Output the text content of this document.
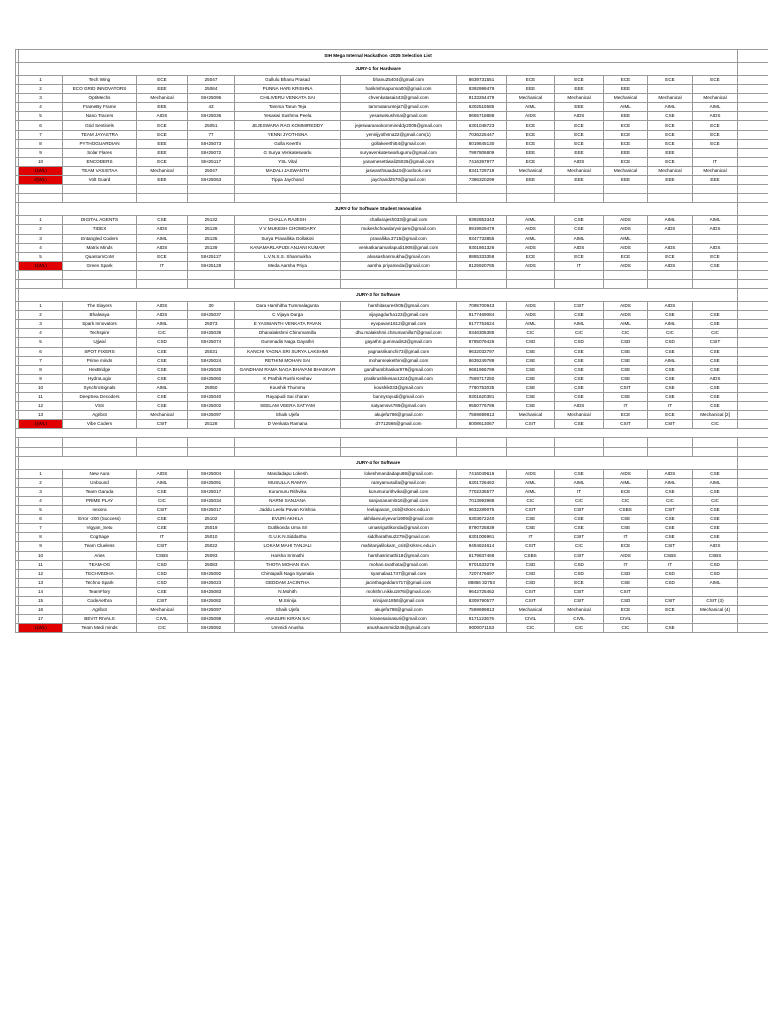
	SIH Mega Internal Hackathon -2025 Selection List												
	JURY-1 for Hardware												
	1	Tech Wing	ECE	25047	Gullulu Bhanu Prasad	bhanu25404@gmail.com	8639731551	ECE	ECE	ECE	ECE	ECE	
	2	ECO GRID INNOVATORS	EEE	25064	PUNNA HARI KRISHNA	harikrishnapunna00@gmail.com	9392999479	EEE	EEE	EEE			
	3	OptiMechs	Mechanical	SIH25096	CHILIVERU VENKATA SAI	chvenkatasai443@gmail.com	9133264479	Mechanical	Mechanical	Mechanical	Mechanical	Mechanical	
	4	FrameBy Frame	EEE	43	Tamma Tarun Teja	tammatarunteja7@gmail.com	6302515585	AIML	EEE	AIML	AIML	AIML	
	5	Nano Tracers	AIDS	SIH25036	Yesaswi Sushma Peela	yesaswisushma@gmail.com	9665718888	AIDS	AIDS	EEE	CSE	AIDS	
	6	Grid Sentinels	ECE	25051	JEJESWARA RAO KOMMIREDDY	jejeswararaokommireddy2005@gmail.com	6301048723	ECE	ECE	ECE	ECE	ECE	
	7	TEAM JAYASTRA	ECE	77	YENNI JYOTHSNA	yennijyothsna22@gmail.com(1)	7036225447	ECE	ECE	ECE	ECE	ECE	
	8	PYTHOGUARDIAN	EEE	SIH25073	Golla Keerthi	gollakeerthi54@gmail.com	8019845130	ECE	ECE	ECE	ECE	ECE	
	9	Solar Flares	EEE	SIH25072	G Surya Venkateswarlu	suryavenkateswarlugurru@gmail.com	7997806809	EEE	EEE	EEE	EEE		
	10	ENCODERS	ECE	SIH25117	YSL Vital	yanamesettiwali25026@gmail.com	7416397977	ECE	AIDS	ECE	ECE	IT	
	1(WL)	TEAM VASISTAA	Mechanical	25047	MADALI JASWANTH	jaswanthsaada15@outlook.com	8341729719	Mechanical	Mechanical	Mechanical	Mechanical	Mechanical	
	2(WL)	Volt Guard	EEE	SIH25063	Tippa Jaychand	jaychand2570@gmail.com	7386320299	EEE	EEE	EEE	EEE	EEE	

	JURY-2 for Software Student Innovation												
	1	DIGITAL AGENTS	CSE	25132	CHALLA RAJESH	challarajesh033@gmail.com	9392853343	AIML	CSE	AIDS	AIML	AIML	
	2	TIDEX	AIDS	25139	V V MUKESH CHOWDARY	mukeshchowdaryvinjam@gmail.com	8919929479	AIDS	CSE	AIDS	AIDS	AIDS	
	3	Entangled Coders	AIML	25135	Surya Pravallika Gollakoti	pravallika.3715@gmail.com	9347733855	AIML	AIML	AIML			
	4	Matrix Minds	AIDS	25139	KANAMARLAPUDI ANJANI KUMAR	venkatkanamarlapudi1906@gmail.com	9301861326	AIDS	AIDS	AIDS	AIDS	AIDS	
	5	QuantumCoM	ECE	SIH25127	L.V.N.S.S. Shanmukha	alvasashanmukha@gmail.com	8885333358	ECE	ECE	ECE	ECE	ECE	
	1(WL)	Green Spark	IT	SIH25128	Meda Aarsha Priya	aarsha priyameda@gmail.com	8125920785	AIDS	IT	AIDS	AIDS	CSE	

	JURY-3 for Software												
	1	The Slayers	AIDS	30	Dara Harshitha Tummalagunta	harshitasuresh05@gmail.com	7095700943	AIDS	CSIT	AIDS	AIDS		
	2	Bhalwaya	AIDS	SIH25037	C Vijaya Durga	vijayagdurha123@gmail.com	9177469084	AIDS	CSE	AIDS	CSE	CSE	
	3	Spark Innovators	AIML	25073	E YASWANTH VENKATA PAVAN	eyvpavan1812@gmail.com	9177753624	AIML	AIML	AIML	AIML	CSE	
	4	Techspire	CIC	SIH25039	Dhanalakshmi Chirumamilla	dhu.malakshmi.chirumamilla7@gmail.com	9346305385	CIC	CIC	CIC	CIC	CIC	
	5	Ujjwal	CSD	SIH25074	Gummadis Naga Gayathri	gayathri.gummadis3@gmail.com	8785079426	CSD	CSD	CSD	CSD	CSIT	
	6	SPOT FIXERS	CSE	25031	KANCHI YAGNA SRI SURYA LAKSHMI	yagnasrikanchi73@gmail.com	9632032797	CSE	CSE	CSE	CSE	CSE	
	7	Prime minds	CSE	SIH25024	RETHINI MOHAN SAI	mohanreakethini@gmail.com	8639249789	CSE	CSE	CSE	AIML	CSE	
	8	HexBridge	CSE	SIH25026	GANDHAM RAMA NAGA BHAVANI BHASKAR	gandhambhaskar979@gmail.com	9661966799	CSE	CSE	CSE	CSE	CSE	
	9	HydroLogix	CSE	SIH25060	K Prathik Rushi Keshav	pratikrushikesav1224@gmail.com	7569717250	CSE	CSE	CSE	CSE	AIDS	
	10	SynchroSignals	AIML	25050	Koushik Thummu	koushik033@gmail.com	7780753035	CSE	CSE	CSIT	CSE	CSE	
	11	DeepSea Decoders	CSE	SIH25040	Rayapudi Sai charan	bunnyrayudi@gmail.com	9301620381	CSE	CSE	CSE	CSE	CSE	
	12	VSS	CSE	SIH25002	SEELAM VEERA SATYAM	satyamsvs789@gmail.com	9550776788	CSE	AIDS	IT	IT	CSE	
	13	Agribot	Mechanical	SIH25097	Shaik Ujefa	akujefa786@gmail.com	7569699813	Mechanical	Mechanical	ECE	ECE	Mechanical [2]	
	1(WL)	Vibe Coders	CSIT	25128	D Venkata Ramana	d7712566@gmail.com	8008613067	CSIT	CSE	CSIT	CSIT	CIC	

	JURY-4 for Software												
	1	New Aura	AIDS	SIH25004	Mandadapu Lokesh	lokeshmandadapu96@gmail.com	7416049616	AIDS	CSE	AIDS	AIDS	CSE	
	2	Unbound	AIML	SIH25091	MUSULLA RAMYA	ramyamusulla@gmail.com	6301726462	AIML	AIML	AIML	AIML	AIML	
	3	Team Garuda	CSE	SIH25017	Kurumuru Rithvika	kurumururithvika@gmail.com	7702235577	AIML	IT	ECE	CSE	CSE	
	4	PRIME PLAY	CIC	SIH25034	NARNI SANJANA	sanjananarni516@gmail.com	7013993988	CIC	CIC	CIC	CIC	CIC	
	5	nexora	CSIT	SIH25017	Jaddu Leela Pavan Krishna	leelapavan_csit@srkrec.edu.in	9632289075	CSIT	CSIT	CSBS	CSIT	CSE	
	6	Error -200 (Success)	CSE	25102	EVURI AKHILA	akhilaevuriyevuri1909@gmail.com	6303672240	CSE	CSE	CSE	CSE	CSE	
	7	Vigyan_Setu	CSE	25019	Gutlikonda Uma Sri	umasrigutlikonda@gmail.com	8790725839	CSE	CSE	CSE	CSE	CSE	
	8	CogSage	IT	25010	G.U.K.N.Siddartha	siddharathsu2279@gmail.com	6301006961	IT	CSIT	IT	CSE	CSE	
	9	Team Clueless	CSIT	25022	LOKAM MAHI TANJALI	mahitanjalilokam_csit@srkrec.edu.in	9494624614	CSIT	CIC	ECE	CSIT	AIDS	
	10	Aries	CSBS	25093	Harsha Srimathi	harshasrimathi18@gmail.com	8179837468	CSBS	CSIT	AIDS	CSBS	CSBS	
	11	TEAM-OG	CSD	25083	THOTA MOHAN SVA	mohan.svathota@gmail.com	9701633276	CSD	CSD	IT	IT	CSD	
	12	TECHVEDHA	CSD	SIH25092	Chintapalli Naga Syamala	syamalaa1747@gmail.com	7207476697	CSD	CSD	CSD	CSD	CSD	
	13	Techno Spark	CSD	SIH25023	GEDDAM JACINTHA	jacinthageddam717@gmail.com	88856 32753	CSD	ECE	CSE	CSD	AIML	
	14	TeamFlory	CSE	SIH25083	N.Mohith	mohithn.nikku1976@gmail.com	9642725462	CSIT	CSIT	CSIT			
	15	CodeAethra	CSIT	SIH25082	M.Srinija	srinijam1856@gmail.com	8309790577	CSIT	CSIT	CSD	CSIT	CSIT (3)	
	16	Agribot	Mechanical	SIH25097	Shaik Ujefa	akujefa786@gmail.com	7569699813	Mechanical	Mechanical	ECE	ECE	Mechanical (4)	
	17	BEVIT RIVALS	CIVIL	SIH25098	ANASURI KIRAN SAI	kiranesainasuri@gmail.com	8171123676	CIVIL	CIVIL	CIVIL			
	1(WL)	Team Medi minds	CIC	SIH25092	Ummidi Anusha	anushaummidi246@gmail.com	9000071153	CIC	CIC	CIC	CSE		
